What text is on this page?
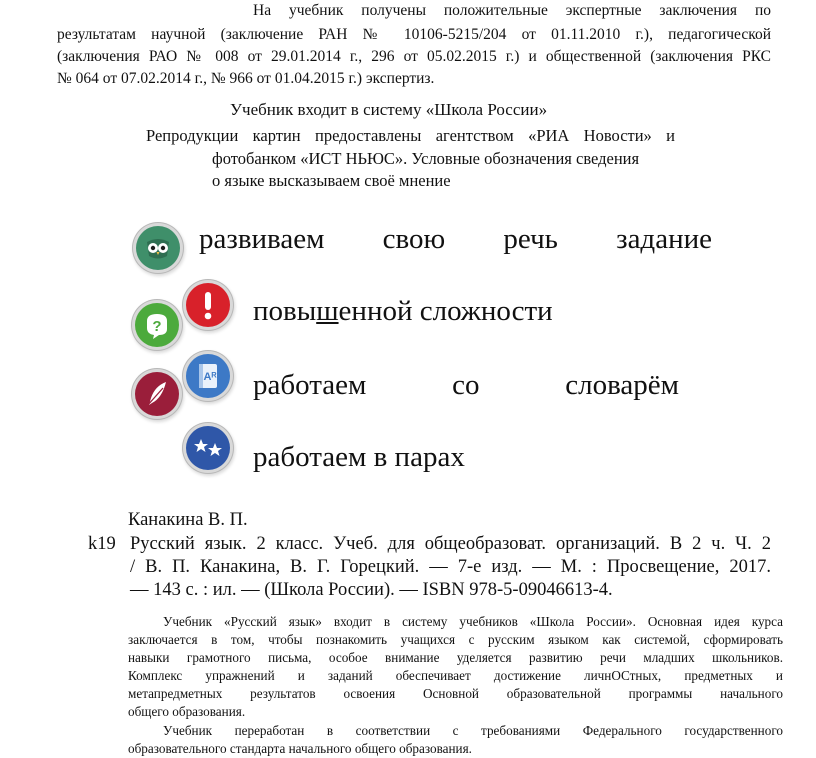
На учебник получены положительные экспертные заключения по
результатам научной (заключение РАН № 10106-5215/204 от 01.11.2010 г.), педагогической
(заключения РАО № 008 от 29.01.2014 г., 296 от 05.02.2015 г.) и общественной (заключения РКС
№ 064 от 07.02.2014 г., № 966 от 01.04.2015 г.) экспертиз.
Учебник входит в систему «Школа России»
Репродукции картин предоставлены агентством «РИА Новости» и
фотобанком «ИСТ НЬЮС». Условные обозначения сведения
о языке высказываем своё мнение
?
Aᴿ
развиваем свою речь задание
повышенной сложности
работаем	со	словарём
работаем в парах
Канакина В. П.
k19 Русский язык. 2 класс. Учеб. для общеобразоват. организаций. В 2 ч. Ч. 2
/ В. П. Канакина, В. Г. Горецкий. — 7-е изд. — М. : Просвещение, 2017.
— 143 с. : ил. — (Школа России). — ISBN 978-5-09046613-4.
Учебник «Русский язык» входит в систему учебников «Школа России». Основная идея курса
заключается в том, чтобы познакомить учащихся с русским языком как системой, сформировать
навыки грамотного письма, особое внимание уделяется развитию речи младших школьников.
Комплекс упражнений и заданий обеспечивает достижение личнОСтных, предметных и
метапредметных результатов освоения Основной образовательной программы начального
общего образования.
Учебник переработан в соответствии с требованиями Федерального государственного
образовательного стандарта начального общего образования.
